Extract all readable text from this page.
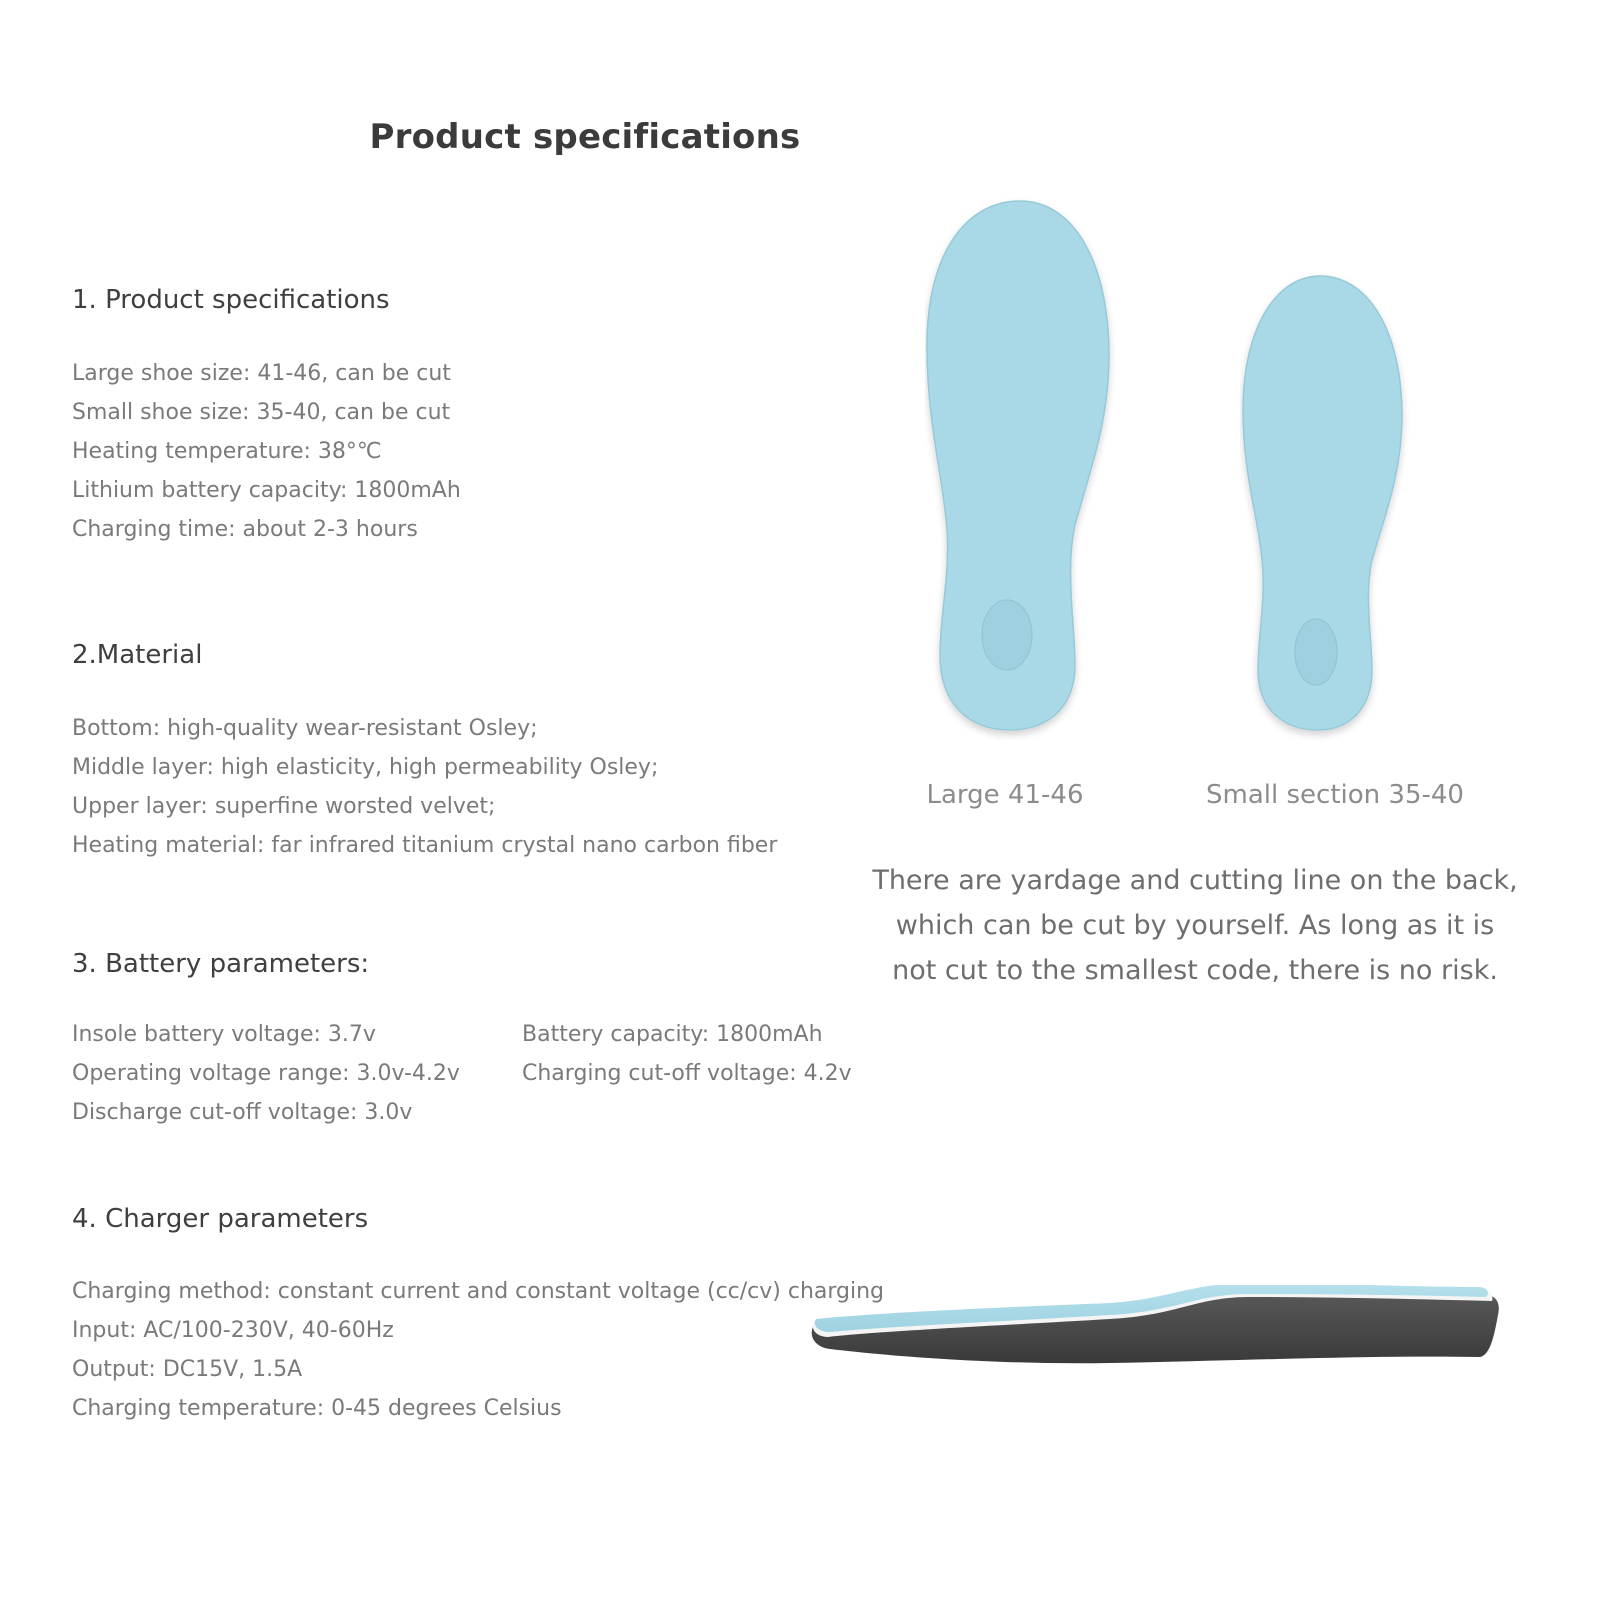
Product specifications
1. Product specifications
Large shoe size: 41-46, can be cut
Small shoe size: 35-40, can be cut
Heating temperature: 38°℃
Lithium battery capacity: 1800mAh
Charging time: about 2-3 hours
2.Material
Bottom: high-quality wear-resistant Osley;
Middle layer: high elasticity, high permeability Osley;
Upper layer: superfine worsted velvet;
Heating material: far infrared titanium crystal nano carbon fiber
3. Battery parameters:
Insole battery voltage: 3.7v	Battery capacity: 1800mAh
Operating voltage range: 3.0v-4.2v	Charging cut-off voltage: 4.2v
Discharge cut-off voltage: 3.0v
4. Charger parameters
Charging method: constant current and constant voltage (cc/cv) charging
Input: AC/100-230V, 40-60Hz
Output: DC15V, 1.5A
Charging temperature: 0-45 degrees Celsius
Large 41-46	Small section 35-40
There are yardage and cutting line on the back,
which can be cut by yourself. As long as it is
not cut to the smallest code, there is no risk.
